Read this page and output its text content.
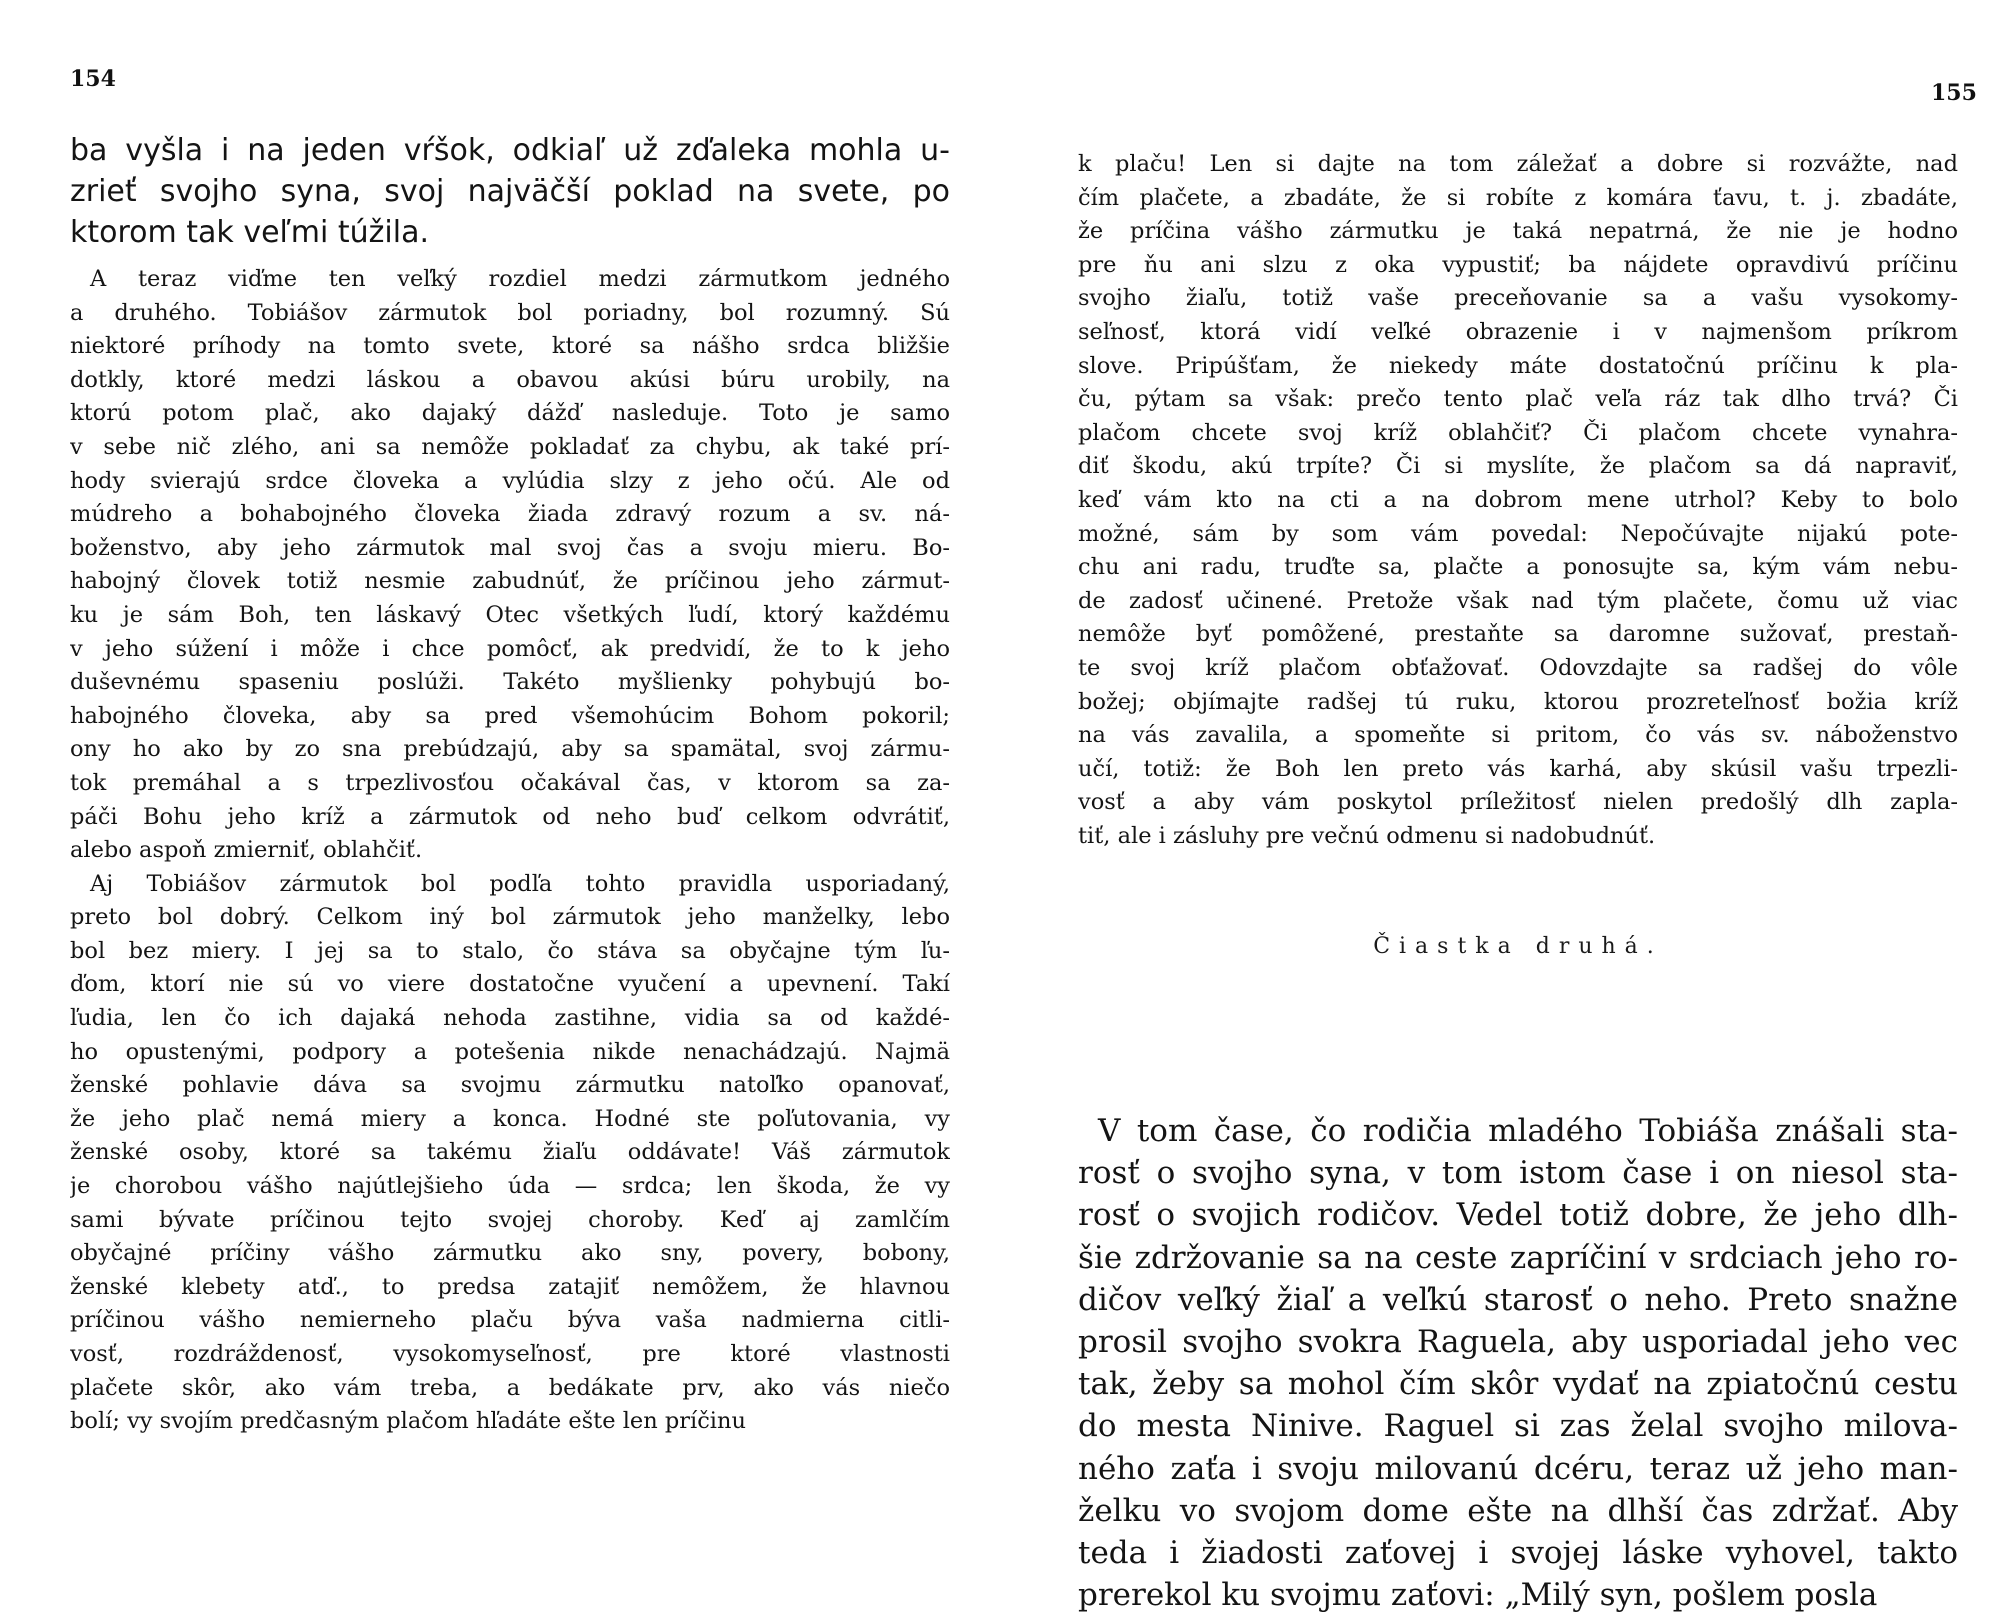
154
ba vyšla i na jeden vŕšok, odkiaľ už zďaleka mohla u-
zrieť svojho syna, svoj najväčší poklad na svete, po
ktorom tak veľmi túžila.
A teraz viďme ten veľký rozdiel medzi zármutkom jedného
a druhého. Tobiášov zármutok bol poriadny, bol rozumný. Sú
niektoré príhody na tomto svete, ktoré sa nášho srdca bližšie
dotkly, ktoré medzi láskou a obavou akúsi búru urobily, na
ktorú potom plač, ako dajaký dážď nasleduje. Toto je samo
v sebe nič zlého, ani sa nemôže pokladať za chybu, ak také prí-
hody svierajú srdce človeka a vylúdia slzy z jeho očú. Ale od
múdreho a bohabojného človeka žiada zdravý rozum a sv. ná-
boženstvo, aby jeho zármutok mal svoj čas a svoju mieru. Bo-
habojný človek totiž nesmie zabudnúť, že príčinou jeho zármut-
ku je sám Boh, ten láskavý Otec všetkých ľudí, ktorý každému
v jeho súžení i môže i chce pomôcť, ak predvidí, že to k jeho
duševnému spaseniu poslúži. Takéto myšlienky pohybujú bo-
habojného človeka, aby sa pred všemohúcim Bohom pokoril;
ony ho ako by zo sna prebúdzajú, aby sa spamätal, svoj zármu-
tok premáhal a s trpezlivosťou očakával čas, v ktorom sa za-
páči Bohu jeho kríž a zármutok od neho buď celkom odvrátiť,
alebo aspoň zmierniť, oblahčiť.
Aj Tobiášov zármutok bol podľa tohto pravidla usporiadaný,
preto bol dobrý. Celkom iný bol zármutok jeho manželky, lebo
bol bez miery. I jej sa to stalo, čo stáva sa obyčajne tým ľu-
ďom, ktorí nie sú vo viere dostatočne vyučení a upevnení. Takí
ľudia, len čo ich dajaká nehoda zastihne, vidia sa od každé-
ho opustenými, podpory a potešenia nikde nenachádzajú. Najmä
ženské pohlavie dáva sa svojmu zármutku natoľko opanovať,
že jeho plač nemá miery a konca. Hodné ste poľutovania, vy
ženské osoby, ktoré sa takému žiaľu oddávate! Váš zármutok
je chorobou vášho najútlejšieho úda — srdca; len škoda, že vy
sami bývate príčinou tejto svojej choroby. Keď aj zamlčím
obyčajné príčiny vášho zármutku ako sny, povery, bobony,
ženské klebety atď., to predsa zatajiť nemôžem, že hlavnou
príčinou vášho nemierneho plaču býva vaša nadmierna citli-
vosť, rozdráždenosť, vysokomyseľnosť, pre ktoré vlastnosti
plačete skôr, ako vám treba, a bedákate prv, ako vás niečo
bolí; vy svojím predčasným plačom hľadáte ešte len príčinu
155
k plaču! Len si dajte na tom záležať a dobre si rozvážte, nad
čím plačete, a zbadáte, že si robíte z komára ťavu, t. j. zbadáte,
že príčina vášho zármutku je taká nepatrná, že nie je hodno
pre ňu ani slzu z oka vypustiť; ba nájdete opravdivú príčinu
svojho žiaľu, totiž vaše preceňovanie sa a vašu vysokomy-
seľnosť, ktorá vidí veľké obrazenie i v najmenšom príkrom
slove. Pripúšťam, že niekedy máte dostatočnú príčinu k pla-
ču, pýtam sa však: prečo tento plač veľa ráz tak dlho trvá? Či
plačom chcete svoj kríž oblahčiť? Či plačom chcete vynahra-
diť škodu, akú trpíte? Či si myslíte, že plačom sa dá napraviť,
keď vám kto na cti a na dobrom mene utrhol? Keby to bolo
možné, sám by som vám povedal: Nepočúvajte nijakú pote-
chu ani radu, truďte sa, plačte a ponosujte sa, kým vám nebu-
de zadosť učinené. Pretože však nad tým plačete, čomu už viac
nemôže byť pomôžené, prestaňte sa daromne sužovať, prestaň-
te svoj kríž plačom obťažovať. Odovzdajte sa radšej do vôle
božej; objímajte radšej tú ruku, ktorou prozreteľnosť božia kríž
na vás zavalila, a spomeňte si pritom, čo vás sv. náboženstvo
učí, totiž: že Boh len preto vás karhá, aby skúsil vašu trpezli-
vosť a aby vám poskytol príležitosť nielen predošlý dlh zapla-
tiť, ale i zásluhy pre večnú odmenu si nadobudnúť.
Čiastka druhá.
V tom čase, čo rodičia mladého Tobiáša znášali sta-
rosť o svojho syna, v tom istom čase i on niesol sta-
rosť o svojich rodičov. Vedel totiž dobre, že jeho dlh-
šie zdržovanie sa na ceste zapríčiní v srdciach jeho ro-
dičov veľký žiaľ a veľkú starosť o neho. Preto snažne
prosil svojho svokra Raguela, aby usporiadal jeho vec
tak, žeby sa mohol čím skôr vydať na zpiatočnú cestu
do mesta Ninive. Raguel si zas želal svojho milova-
ného zaťa i svoju milovanú dcéru, teraz už jeho man-
želku vo svojom dome ešte na dlhší čas zdržať. Aby
teda i žiadosti zaťovej i svojej láske vyhovel, takto
prerekol ku svojmu zaťovi: „Milý syn, pošlem posla
